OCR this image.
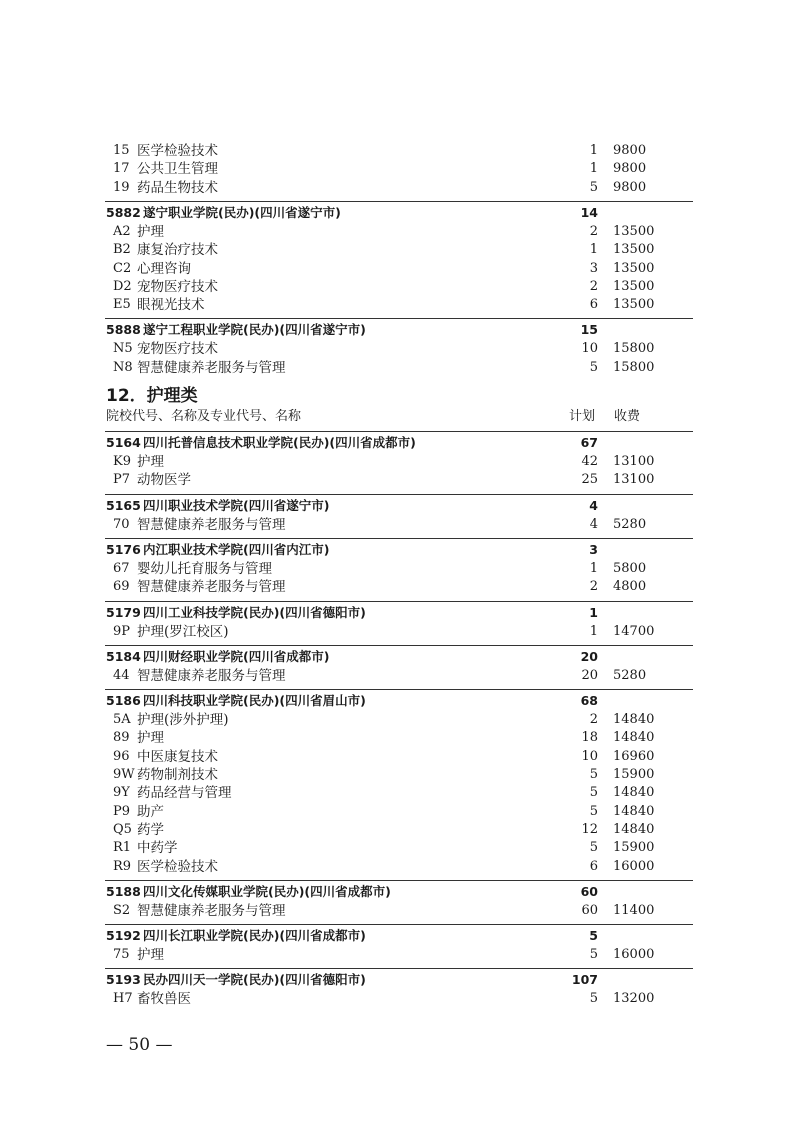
15 医学检验技术	1 9800
17 公共卫生管理	1 9800
19 药品生物技术	5 9800
5882 遂宁职业学院(民办)(四川省遂宁市)	14
A2 护理	2 13500
B2 康复治疗技术	1 13500
C2 心理咨询	3 13500
D2 宠物医疗技术	2 13500
E5 眼视光技术	6 13500
5888 遂宁工程职业学院(民办)(四川省遂宁市)	15
N5 宠物医疗技术	10 15800
N8 智慧健康养老服务与管理	5 15800
12．护理类
院校代号、名称及专业代号、名称	计划 收费
5164 四川托普信息技术职业学院(民办)(四川省成都市)	67
K9 护理	42 13100
P7 动物医学	25 13100
5165 四川职业技术学院(四川省遂宁市)	4
70 智慧健康养老服务与管理	4 5280
5176 内江职业技术学院(四川省内江市)	3
67 婴幼儿托育服务与管理	1 5800
69 智慧健康养老服务与管理	2 4800
5179 四川工业科技学院(民办)(四川省德阳市)	1
9P 护理(罗江校区)	1 14700
5184 四川财经职业学院(四川省成都市)	20
44 智慧健康养老服务与管理	20 5280
5186 四川科技职业学院(民办)(四川省眉山市)	68
5A 护理(涉外护理)	2 14840
89 护理	18 14840
96 中医康复技术	10 16960
9W 药物制剂技术	5 15900
9Y 药品经营与管理	5 14840
P9 助产	5 14840
Q5 药学	12 14840
R1 中药学	5 15900
R9 医学检验技术	6 16000
5188 四川文化传媒职业学院(民办)(四川省成都市)	60
S2 智慧健康养老服务与管理	60 11400
5192 四川长江职业学院(民办)(四川省成都市)	5
75 护理	5 16000
5193 民办四川天一学院(民办)(四川省德阳市)	107
H7 畜牧兽医	5 13200
— 50 —
